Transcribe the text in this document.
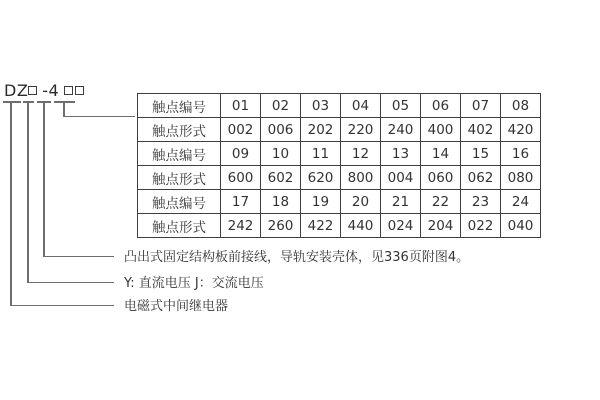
DZ -4
触点编号	01	02	03	04	05	06	07	08
触点形式	002	006	202	220	240	400	402	420
触点编号	09	10	11	12	13	14	15	16
触点形式	600	602	620	800	004	060	062	080
触点编号	17	18	19	20	21	22	23	24
触点形式	242	260	422	440	024	204	022	040
凸出式固定结构板前接线，导轨安装壳体，见336页附图4。
Y: 直流电压 J：交流电压
电磁式中间继电器
